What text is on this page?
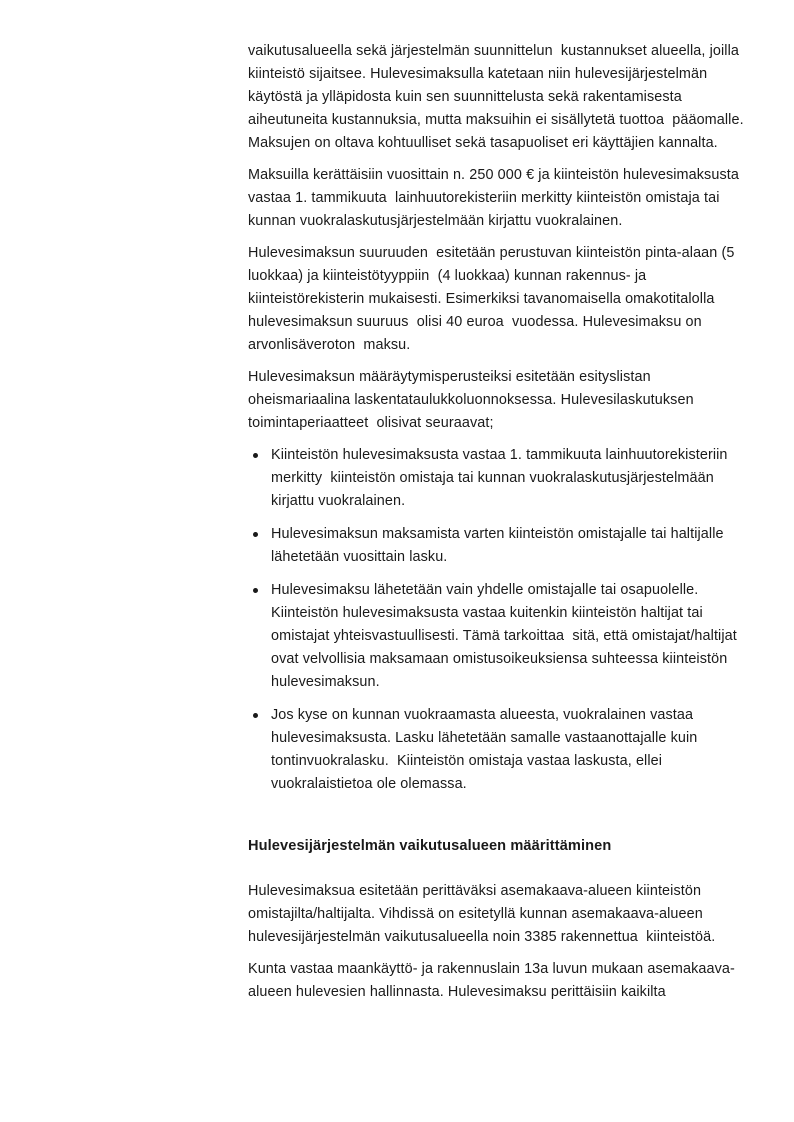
vaikutusalueella sekä järjestelmän suunnittelun  kustannukset alueella, joilla kiinteistö sijaitsee. Hulevesimaksulla katetaan niin hulevesijärjestelmän käytöstä ja ylläpidosta kuin sen suunnittelusta sekä rakentamisesta aiheutuneita kustannuksia, mutta maksuihin ei sisällytetä tuottoa  pääomalle. Maksujen on oltava kohtuulliset sekä tasapuoliset eri käyttäjien kannalta.

Maksuilla kerättäisiin vuosittain n. 250 000 € ja kiinteistön hulevesimaksusta vastaa 1. tammikuuta  lainhuutorekisteriin merkitty kiinteistön omistaja tai kunnan vuokralaskutusjärjestelmään kirjattu vuokralainen.

Hulevesimaksun suuruuden  esitetään perustuvan kiinteistön pinta-alaan (5 luokkaa) ja kiinteistötyyppiin  (4 luokkaa) kunnan rakennus- ja kiinteistörekisterin mukaisesti. Esimerkiksi tavanomaisella omakotitalolla hulevesimaksun suuruus  olisi 40 euroa  vuodessa. Hulevesimaksu on arvonlisäveroton  maksu.

Hulevesimaksun määräytymisperusteiksi esitetään esityslistan oheismariaalina laskentataulukkoluonnoksessa. Hulevesilaskutuksen toimintaperiaatteet  olisivat seuraavat;

Kiinteistön hulevesimaksusta vastaa 1. tammikuuta lainhuutorekisteriin  merkitty  kiinteistön omistaja tai kunnan vuokralaskutusjärjestelmään kirjattu vuokralainen.
Hulevesimaksun maksamista varten kiinteistön omistajalle tai haltijalle lähetetään vuosittain lasku.
Hulevesimaksu lähetetään vain yhdelle omistajalle tai osapuolelle. Kiinteistön hulevesimaksusta vastaa kuitenkin kiinteistön haltijat tai omistajat yhteisvastuullisesti. Tämä tarkoittaa  sitä, että omistajat/haltijat ovat velvollisia maksamaan omistusoikeuksiensa suhteessa kiinteistön hulevesimaksun.
Jos kyse on kunnan vuokraamasta alueesta, vuokralainen vastaa hulevesimaksusta. Lasku lähetetään samalle vastaanottajalle kuin tontinvuokralasku.  Kiinteistön omistaja vastaa laskusta, ellei vuokralaistietoa ole olemassa.
Hulevesijärjestelmän vaikutusalueen määrittäminen

Hulevesimaksua esitetään perittäväksi asemakaava-alueen kiinteistön omistajilta/haltijalta. Vihdissä on esitetyllä kunnan asemakaava-alueen hulevesijärjestelmän vaikutusalueella noin 3385 rakennettua  kiinteistöä.

Kunta vastaa maankäyttö- ja rakennuslain 13a luvun mukaan asemakaava-alueen hulevesien hallinnasta. Hulevesimaksu perittäisiin kaikilta
